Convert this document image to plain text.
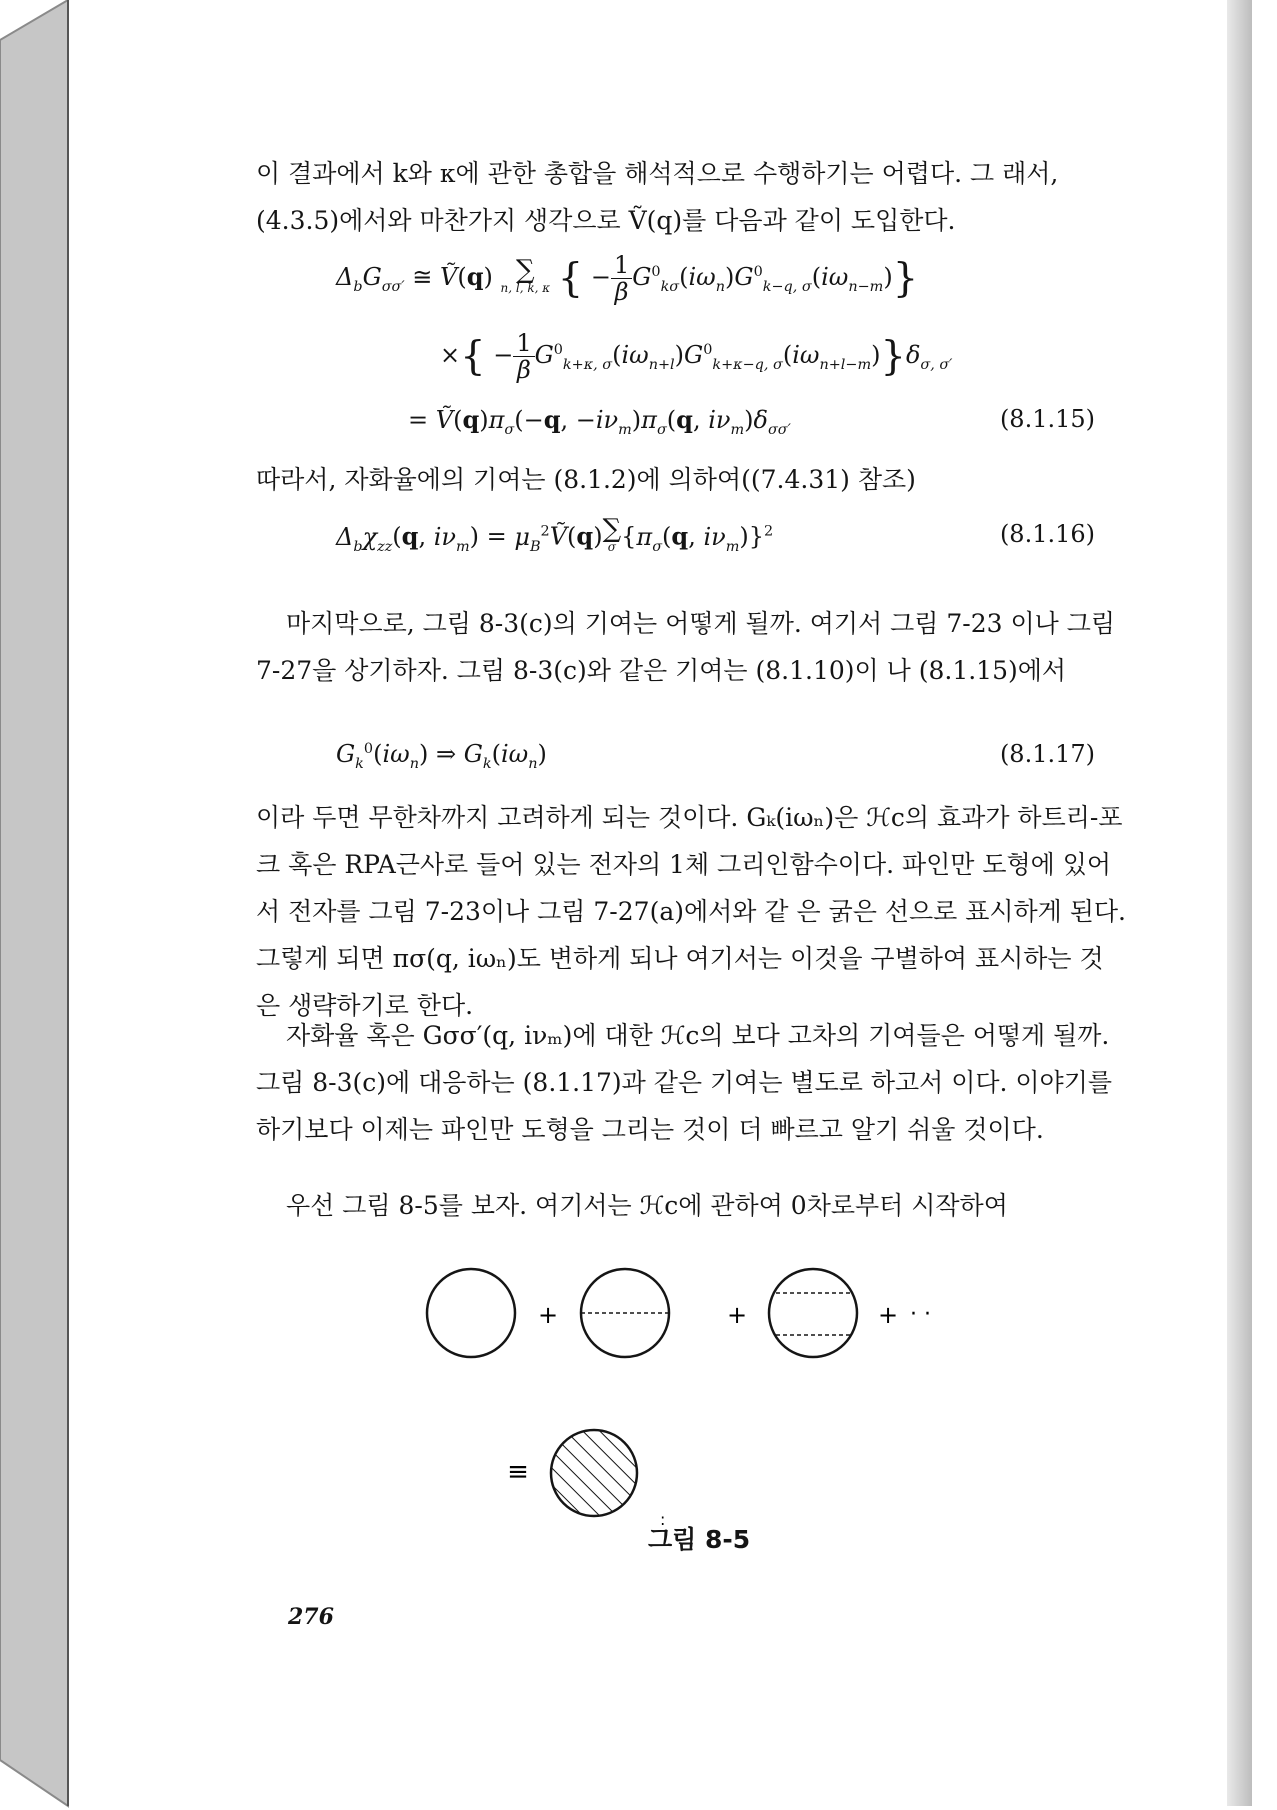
이 결과에서 k와 κ에 관한 총합을 해석적으로 수행하기는 어렵다. 그 래서, (4.3.5)에서와 마찬가지 생각으로 Ṽ(q)를 다음과 같이 도입한다.

$\Delta_bG_{\sigma\sigma'}$ ≅ Ṽ(q) ∑
n, l, k, κ { − $\frac{1}{\beta} G^0_{k\sigma}(i\omega_n)G^0_{k-q, \sigma}(i\omega_{n-m})$}
×{ − $\frac{1}{\beta} G^0_{k+\kappa, \sigma}(i\omega_{n+l})G^0_{k+\kappa-q, \sigma}(i\omega_{n+l-m})\}\delta_{\sigma, \sigma'}$
= $Ṽ(q)\pi_\sigma(-q$, $-i\nu_m)\pi_\sigma(q$, $i\nu_m)\delta_{\sigma\sigma'}$	(8.1.15)

따라서, 자화율에의 기여는 (8.1.2)에 의하여((7.4.31) 참조)

$\Delta_b\chi_{zz}(q$, $i\nu_m$) = $\mu_B^2Ṽ(q)$ ∑
σ {$\pi_\sigma(q$, $i\nu_m)\}^2$	(8.1.16)

마지막으로, 그림 8-3(c)의 기여는 어떻게 될까. 여기서 그림 7-23 이나 그림 7-27을 상기하자. 그림 8-3(c)와 같은 기여는 (8.1.10)이 나 (8.1.15)에서

$G_k^0(i\omega_n)$ ⇒ $G_k(i\omega_n)$	(8.1.17)

이라 두면 무한차까지 고려하게 되는 것이다. Gₖ(iωₙ)은 ℋc의 효과가 하트리-포크 혹은 RPA근사로 들어 있는 전자의 1체 그리인함수이다. 파인만 도형에 있어서 전자를 그림 7-23이나 그림 7-27(a)에서와 같 은 굵은 선으로 표시하게 된다. 그렇게 되면 πσ(q, iωₙ)도 변하게 되나 여기서는 이것을 구별하여 표시하는 것은 생략하기로 한다.

자화율 혹은 Gσσ′(q, iνₘ)에 대한 ℋc의 보다 고차의 기여들은 어떻게 될까. 그림 8-3(c)에 대응하는 (8.1.17)과 같은 기여는 별도로 하고서 이다. 이야기를 하기보다 이제는 파인만 도형을 그리는 것이 더 빠르고 알기 쉬울 것이다.

우선 그림 8-5를 보자. 여기서는 ℋc에 관하여 0차로부터 시작하여

+	+	+ · ·
≡
:
그림 8-5
276
